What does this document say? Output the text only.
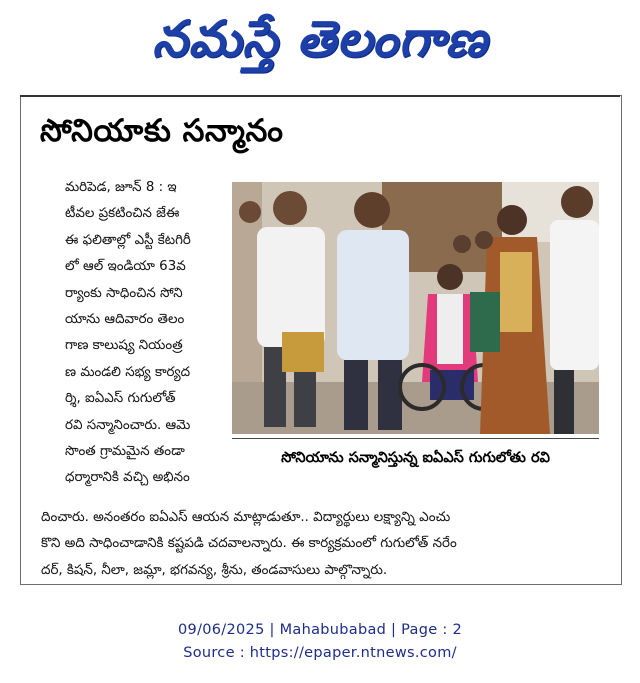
నమస్తే తెలంగాణ
సోనియాకు సన్మానం

మరిపెడ, జూన్ 8 : ఇ

టీవల ప్రకటించిన జేఈ

ఈ ఫలితాల్లో ఎస్టీ కేటగిరీ

లో ఆల్ ఇండియా 63వ

ర్యాంకు సాధించిన సోని

యాను ఆదివారం తెలం

గాణ కాలుష్య నియంత్ర

ణ మండలి సభ్య కార్యద

ర్శి, ఐఏఎస్ గుగులోత్

రవి సన్మానించారు. ఆమె

సొంత గ్రామమైన తండా

ధర్మారానికి వచ్చి అభినం

సోనియాను సన్మానిస్తున్న ఐఏఎస్ గుగులోతు రవి

దించారు. అనంతరం ఐఏఎస్ ఆయన మాట్లాడుతూ.. విద్యార్థులు లక్ష్యాన్ని ఎంచు

కొని అది సాధించాడానికి కష్టపడి చదవాలన్నారు. ఈ కార్యక్రమంలో గుగులోత్ నరేం

దర్, కిషన్, నీలా, జమ్లా, భగవన్య, శ్రీను, తండవాసులు పాల్గొన్నారు.

09/06/2025 | Mahabubabad | Page : 2
Source : https://epaper.ntnews.com/
